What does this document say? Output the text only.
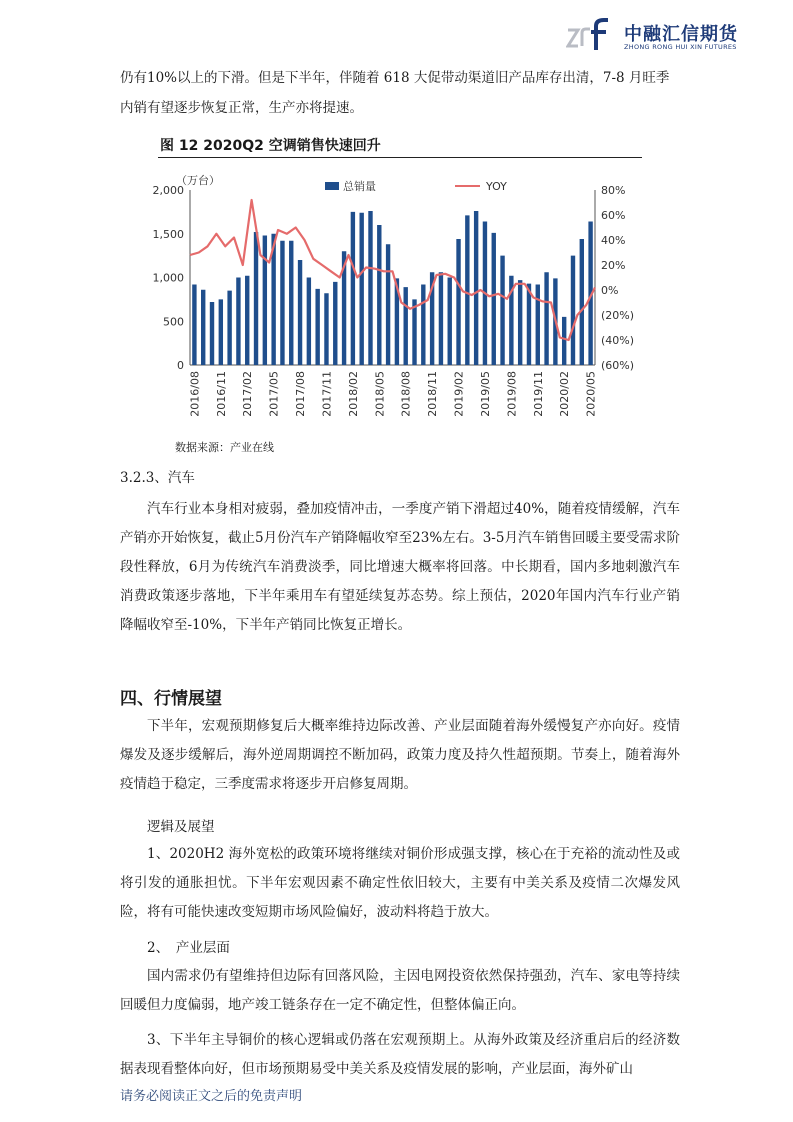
中融汇信期货
ZHONG RONG HUI XIN FUTURES
仍有10%以上的下滑。但是下半年，伴随着 618 大促带动渠道旧产品库存出清，7-8 月旺季
内销有望逐步恢复正常，生产亦将提速。
图 12 2020Q2 空调销售快速回升
（万台）	总销量	YOY
0
500
1,000
1,500
2,000
(60%)
(40%)
(20%)
0%
20%
40%
60%
80%
2016/08 2016/11 2017/02 2017/05 2017/08 2017/11 2018/02 2018/05 2018/08 2018/11 2019/02 2019/05 2019/08 2019/11 2020/02 2020/05
数据来源：产业在线
3.2.3、汽车
汽车行业本身相对疲弱，叠加疫情冲击，一季度产销下滑超过40%，随着疫情缓解，汽车产销亦开始恢复，截止5月份汽车产销降幅收窄至23%左右。3-5月汽车销售回暖主要受需求阶段性释放，6月为传统汽车消费淡季，同比增速大概率将回落。中长期看，国内多地刺激汽车消费政策逐步落地，下半年乘用车有望延续复苏态势。综上预估，2020年国内汽车行业产销降幅收窄至-10%，下半年产销同比恢复正增长。
四、行情展望
下半年，宏观预期修复后大概率维持边际改善、产业层面随着海外缓慢复产亦向好。疫情爆发及逐步缓解后，海外逆周期调控不断加码，政策力度及持久性超预期。节奏上，随着海外疫情趋于稳定，三季度需求将逐步开启修复周期。
逻辑及展望
1、2020H2 海外宽松的政策环境将继续对铜价形成强支撑，核心在于充裕的流动性及或将引发的通胀担忧。下半年宏观因素不确定性依旧较大，主要有中美关系及疫情二次爆发风险，将有可能快速改变短期市场风险偏好，波动料将趋于放大。
2、　产业层面
国内需求仍有望维持但边际有回落风险，主因电网投资依然保持强劲，汽车、家电等持续回暖但力度偏弱，地产竣工链条存在一定不确定性，但整体偏正向。
3、下半年主导铜价的核心逻辑或仍落在宏观预期上。从海外政策及经济重启后的经济数据表现看整体向好，但市场预期易受中美关系及疫情发展的影响，产业层面，海外矿山
请务必阅读正文之后的免责声明
